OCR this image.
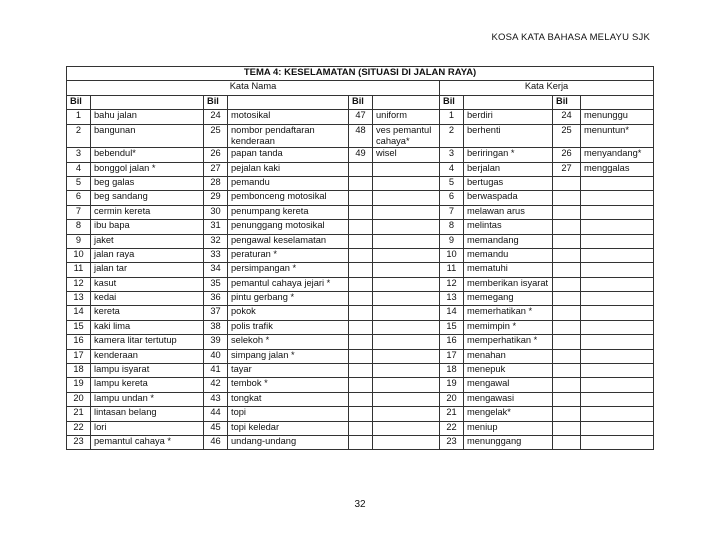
KOSA KATA BAHASA MELAYU SJK
TEMA 4: KESELAMATAN (SITUASI DI JALAN RAYA)									
Kata Nama						Kata Kerja			
Bil		Bil		Bil		Bil		Bil	
1	bahu jalan	24	motosikal	47	uniform	1	berdiri	24	menunggu
2	bangunan	25	nombor pendaftaran kenderaan	48	ves pemantul cahaya*	2	berhenti	25	menuntun*
3	bebendul*	26	papan tanda	49	wisel	3	beriringan *	26	menyandang*
4	bonggol jalan *	27	pejalan kaki			4	berjalan	27	menggalas
5	beg galas	28	pemandu			5	bertugas		
6	beg sandang	29	pembonceng motosikal			6	berwaspada		
7	cermin kereta	30	penumpang kereta			7	melawan arus		
8	ibu bapa	31	penunggang motosikal			8	melintas		
9	jaket	32	pengawal keselamatan			9	memandang		
10	jalan raya	33	peraturan *			10	memandu		
11	jalan tar	34	persimpangan *			11	mematuhi		
12	kasut	35	pemantul cahaya jejari *			12	memberikan isyarat		
13	kedai	36	pintu gerbang *			13	memegang		
14	kereta	37	pokok			14	memerhatikan *		
15	kaki lima	38	polis trafik			15	memimpin *		
16	kamera litar tertutup	39	selekoh *			16	memperhatikan *		
17	kenderaan	40	simpang jalan *			17	menahan		
18	lampu isyarat	41	tayar			18	menepuk		
19	lampu kereta	42	tembok *			19	mengawal		
20	lampu undan *	43	tongkat			20	mengawasi		
21	lintasan belang	44	topi			21	mengelak*		
22	lori	45	topi keledar			22	meniup		
23	pemantul cahaya *	46	undang-undang			23	menunggang		
32
